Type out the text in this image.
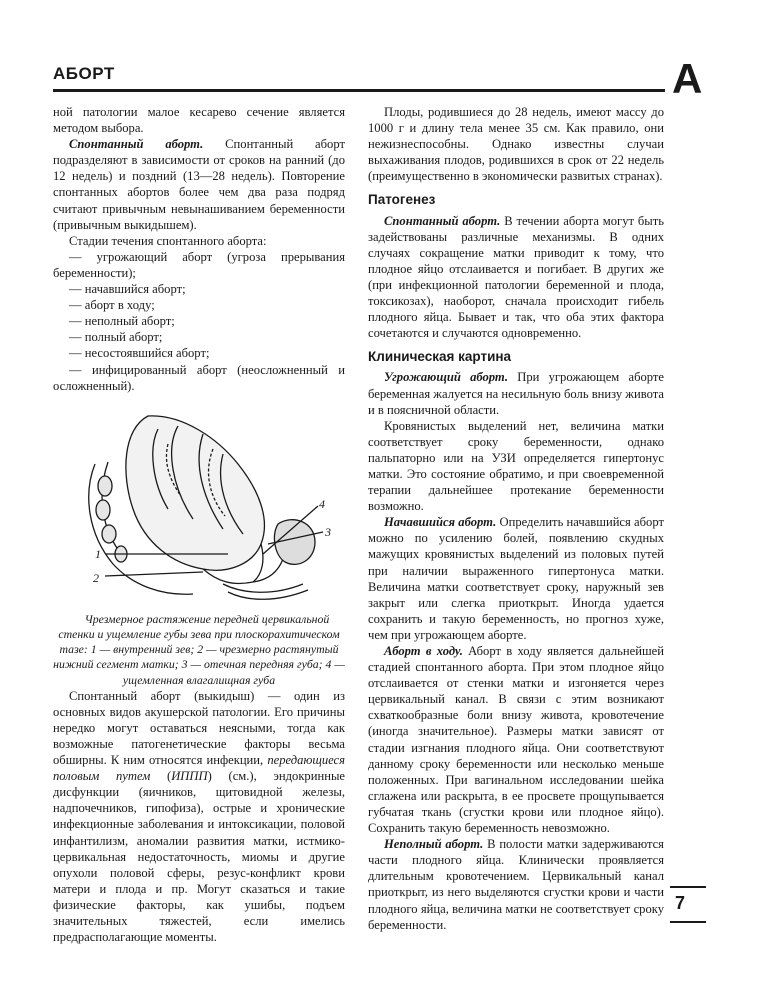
АБОРТ	А
7

ной патологии малое кесарево сечение является методом выбора.

Спонтанный аборт. Спонтанный аборт подразделяют в зависимости от сроков на ранний (до 12 недель) и поздний (13—28 недель). Повторение спонтанных абортов более чем два раза подряд считают привычным невынашиванием беременности (привычным выкидышем).

Стадии течения спонтанного аборта:

— угрожающий аборт (угроза прерывания беременности);

— начавшийся аборт;

— аборт в ходу;

— неполный аборт;

— полный аборт;

— несостоявшийся аборт;

— инфицированный аборт (неосложненный и осложненный).

1
2
3
4

Чрезмерное растяжение передней цервикальной стенки и ущемление губы зева при плоскорахитическом тазе: 1 — внутренний зев; 2 — чрезмерно растянутый нижний сегмент матки; 3 — отечная передняя губа; 4 — ущемленная влагалищная губа

Спонтанный аборт (выкидыш) — один из основных видов акушерской патологии. Его причины нередко могут оставаться неясными, тогда как возможные патогенетические факторы весьма обширны. К ним относятся инфекции, передающиеся половым путем (ИППП) (см.), эндокринные дисфункции (яичников, щитовидной железы, надпочечников, гипофиза), острые и хронические инфекционные заболевания и интоксикации, половой инфантилизм, аномалии развития матки, истмико-цервикальная недостаточность, миомы и другие опухоли половой сферы, резус-конфликт крови матери и плода и пр. Могут сказаться и такие физические факторы, как ушибы, подъем значительных тяжестей, если имелись предрасполагающие моменты.

Плоды, родившиеся до 28 недель, имеют массу до 1000 г и длину тела менее 35 см. Как правило, они нежизнеспособны. Однако известны случаи выхаживания плодов, родившихся в срок от 22 недель (преимущественно в экономически развитых странах).

Патогенез

Спонтанный аборт. В течении аборта могут быть задействованы различные механизмы. В одних случаях сокращение матки приводит к тому, что плодное яйцо отслаивается и погибает. В других же (при инфекционной патологии беременной и плода, токсикозах), наоборот, сначала происходит гибель плодного яйца. Бывает и так, что оба этих фактора сочетаются и случаются одновременно.

Клиническая картина

Угрожающий аборт. При угрожающем аборте беременная жалуется на несильную боль внизу живота и в поясничной области.

Кровянистых выделений нет, величина матки соответствует сроку беременности, однако пальпаторно или на УЗИ определяется гипертонус матки. Это состояние обратимо, и при своевременной терапии дальнейшее протекание беременности возможно.

Начавшийся аборт. Определить начавшийся аборт можно по усилению болей, появлению скудных мажущих кровянистых выделений из половых путей при наличии выраженного гипертонуса матки. Величина матки соответствует сроку, наружный зев закрыт или слегка приоткрыт. Иногда удается сохранить и такую беременность, но прогноз хуже, чем при угрожающем аборте.

Аборт в ходу. Аборт в ходу является дальнейшей стадией спонтанного аборта. При этом плодное яйцо отслаивается от стенки матки и изгоняется через цервикальный канал. В связи с этим возникают схваткообразные боли внизу живота, кровотечение (иногда значительное). Размеры матки зависят от стадии изгнания плодного яйца. Они соответствуют данному сроку беременности или несколько меньше положенных. При вагинальном исследовании шейка сглажена или раскрыта, в ее просвете прощупывается губчатая ткань (сгустки крови или плодное яйцо). Сохранить такую беременность невозможно.

Неполный аборт. В полости матки задерживаются части плодного яйца. Клинически проявляется длительным кровотечением. Цервикальный канал приоткрыт, из него выделяются сгустки крови и части плодного яйца, величина матки не соответствует сроку беременности.
